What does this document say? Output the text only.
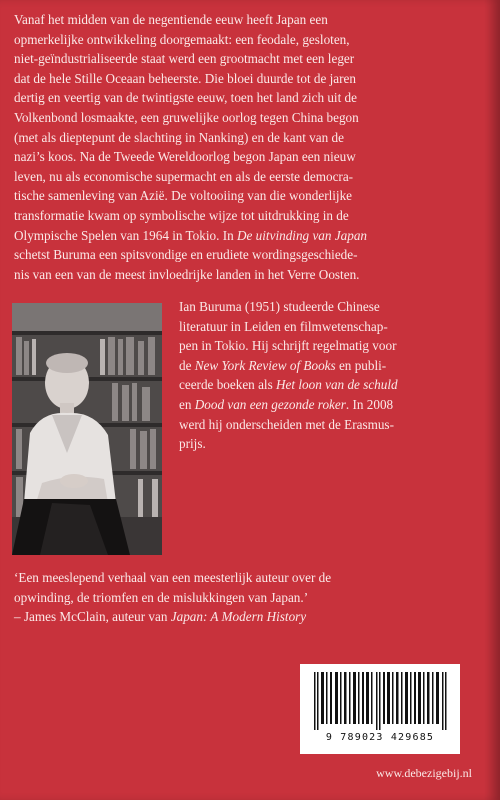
Vanaf het midden van de negentiende eeuw heeft Japan een
opmerkelijke ontwikkeling doorgemaakt: een feodale, gesloten,
niet-geïndustrialiseerde staat werd een grootmacht met een leger
dat de hele Stille Oceaan beheerste. Die bloei duurde tot de jaren
dertig en veertig van de twintigste eeuw, toen het land zich uit de
Volkenbond losmaakte, een gruwelijke oorlog tegen China begon
(met als dieptepunt de slachting in Nanking) en de kant van de
nazi’s koos. Na de Tweede Wereldoorlog begon Japan een nieuw
leven, nu als economische supermacht en als de eerste democra-
tische samenleving van Azië. De voltooiing van die wonderlijke
transformatie kwam op symbolische wijze tot uitdrukking in de
Olympische Spelen van 1964 in Tokio. In De uitvinding van Japan
schetst Buruma een spitsvondige en erudiete wordingsgeschiede-
nis van een van de meest invloedrijke landen in het Verre Oosten.

Ian Buruma (1951) studeerde Chinese
literatuur in Leiden en filmwetenschap-
pen in Tokio. Hij schrijft regelmatig voor
de New York Review of Books en publi-
ceerde boeken als Het loon van de schuld
en Dood van een gezonde roker. In 2008
werd hij onderscheiden met de Erasmus-
prijs.

‘Een meeslepend verhaal van een meesterlijk auteur over de
opwinding, de triomfen en de mislukkingen van Japan.’
– James McClain, auteur van Japan: A Modern History

9 789023 429685
www.debezigebij.nl
